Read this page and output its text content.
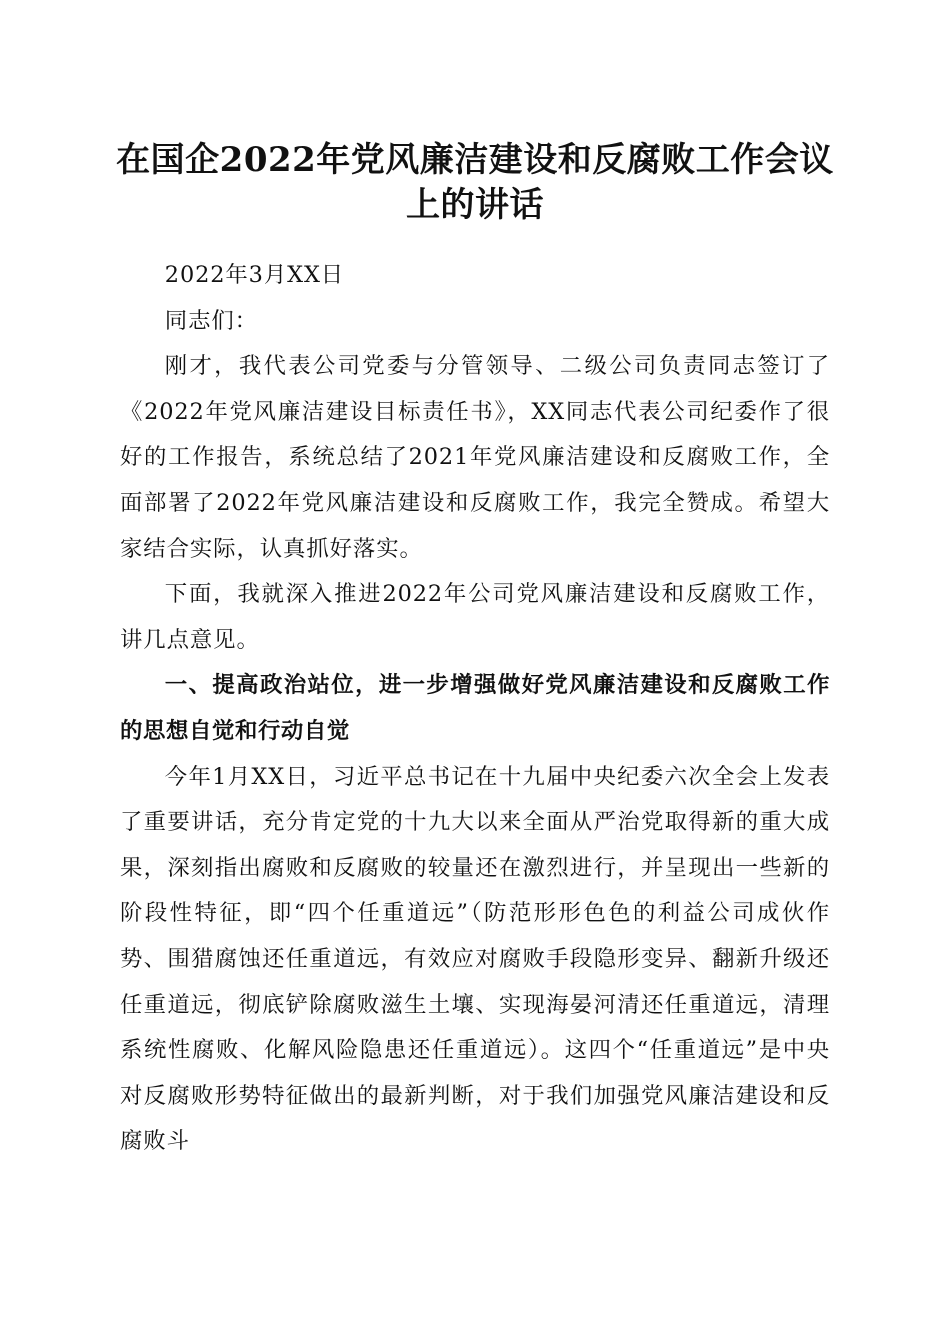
在国企2022年党风廉洁建设和反腐败工作会议上的讲话

2022年3月XX日

同志们：

刚才，我代表公司党委与分管领导、二级公司负责同志签订了《2022年党风廉洁建设目标责任书》，XX同志代表公司纪委作了很好的工作报告，系统总结了2021年党风廉洁建设和反腐败工作，全面部署了2022年党风廉洁建设和反腐败工作，我完全赞成。希望大家结合实际，认真抓好落实。

下面，我就深入推进2022年公司党风廉洁建设和反腐败工作，讲几点意见。

一、提高政治站位，进一步增强做好党风廉洁建设和反腐败工作的思想自觉和行动自觉

今年1月XX日，习近平总书记在十九届中央纪委六次全会上发表了重要讲话，充分肯定党的十九大以来全面从严治党取得新的重大成果，深刻指出腐败和反腐败的较量还在激烈进行，并呈现出一些新的阶段性特征，即“四个任重道远”（防范形形色色的利益公司成伙作势、围猎腐蚀还任重道远，有效应对腐败手段隐形变异、翻新升级还任重道远，彻底铲除腐败滋生土壤、实现海晏河清还任重道远，清理系统性腐败、化解风险隐患还任重道远）。这四个“任重道远”是中央对反腐败形势特征做出的最新判断，对于我们加强党风廉洁建设和反腐败斗
